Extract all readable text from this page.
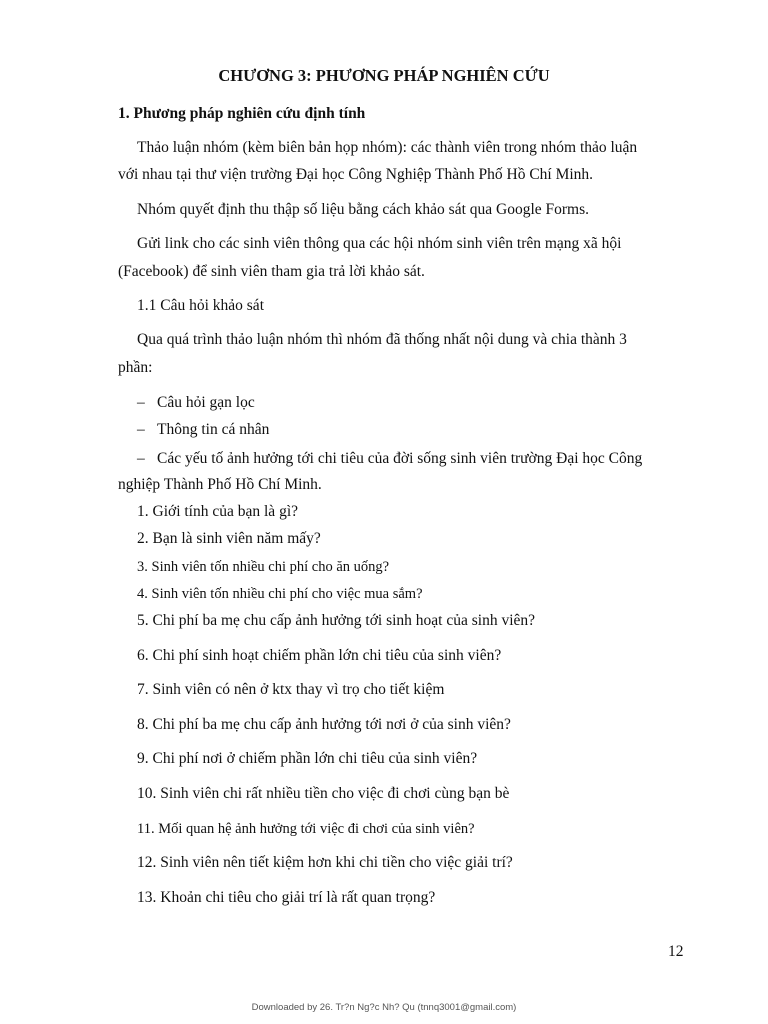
CHƯƠNG 3: PHƯƠNG PHÁP NGHIÊN CỨU
1. Phương pháp nghiên cứu định tính
Thảo luận nhóm (kèm biên bản họp nhóm): các thành viên trong nhóm thảo luận
với nhau tại thư viện trường Đại học Công Nghiệp Thành Phố Hồ Chí Minh.
Nhóm quyết định thu thập số liệu bằng cách khảo sát qua Google Forms.
Gửi link cho các sinh viên thông qua các hội nhóm sinh viên trên mạng xã hội
(Facebook) để sinh viên tham gia trả lời khảo sát.
1.1 Câu hỏi khảo sát
Qua quá trình thảo luận nhóm thì nhóm đã thống nhất nội dung và chia thành 3
phần:
– Câu hỏi gạn lọc
– Thông tin cá nhân
– Các yếu tố ảnh hưởng tới chi tiêu của đời sống sinh viên trường Đại học Công
nghiệp Thành Phố Hồ Chí Minh.
1. Giới tính của bạn là gì?
2. Bạn là sinh viên năm mấy?
3. Sinh viên tốn nhiều chi phí cho ăn uống?
4. Sinh viên tốn nhiều chi phí cho việc mua sắm?
5. Chi phí ba mẹ chu cấp ảnh hưởng tới sinh hoạt của sinh viên?
6. Chi phí sinh hoạt chiếm phần lớn chi tiêu của sinh viên?
7. Sinh viên có nên ở ktx thay vì trọ cho tiết kiệm
8. Chi phí ba mẹ chu cấp ảnh hưởng tới nơi ở của sinh viên?
9. Chi phí nơi ở chiếm phần lớn chi tiêu của sinh viên?
10. Sinh viên chi rất nhiều tiền cho việc đi chơi cùng bạn bè
11. Mối quan hệ ảnh hưởng tới việc đi chơi của sinh viên?
12. Sinh viên nên tiết kiệm hơn khi chi tiền cho việc giải trí?
13. Khoản chi tiêu cho giải trí là rất quan trọng?
12
Downloaded by 26. Tr?n Ng?c Nh? Qu (tnnq3001@gmail.com)
